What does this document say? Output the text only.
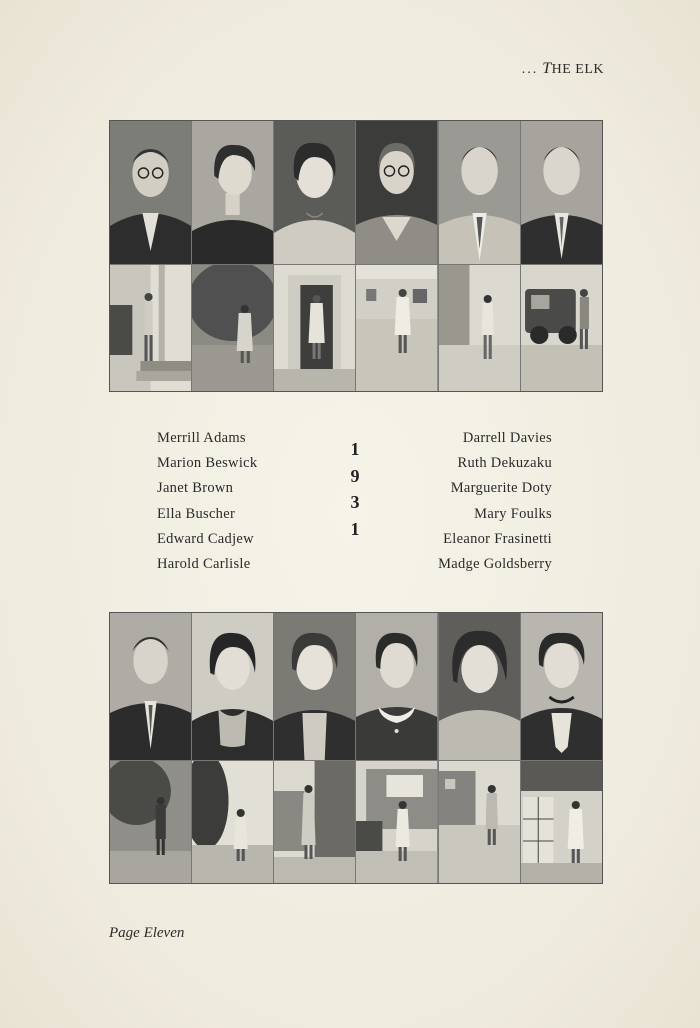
... THE ELK
Merrill Adams
Marion Beswick
Janet Brown
Ella Buscher
Edward Cadjew
Harold Carlisle
1
9
3
1
Darrell Davies
Ruth Dekuzaku
Marguerite Doty
Mary Foulks
Eleanor Frasinetti
Madge Goldsberry
Page Eleven
